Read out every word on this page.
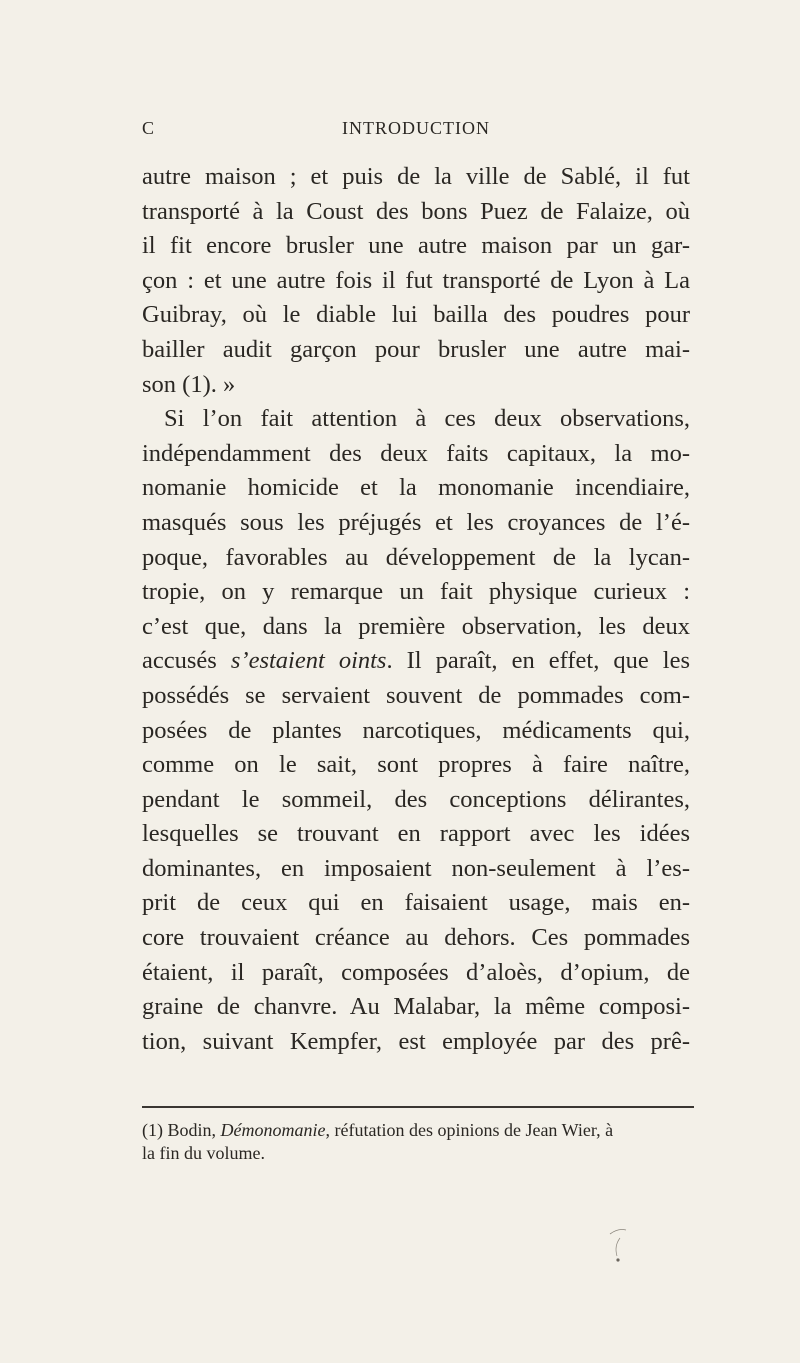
C	INTRODUCTION
autre maison ; et puis de la ville de Sablé, il fut
transporté à la Coust des bons Puez de Falaize, où
il fit encore brusler une autre maison par un gar-
çon : et une autre fois il fut transporté de Lyon à La
Guibray, où le diable lui bailla des poudres pour
bailler audit garçon pour brusler une autre mai-
son (1). »
Si l’on fait attention à ces deux observations,
indépendamment des deux faits capitaux, la mo-
nomanie homicide et la monomanie incendiaire,
masqués sous les préjugés et les croyances de l’é-
poque, favorables au développement de la lycan-
tropie, on y remarque un fait physique curieux :
c’est que, dans la première observation, les deux
accusés s’estaient oints. Il paraît, en effet, que les
possédés se servaient souvent de pommades com-
posées de plantes narcotiques, médicaments qui,
comme on le sait, sont propres à faire naître,
pendant le sommeil, des conceptions délirantes,
lesquelles se trouvant en rapport avec les idées
dominantes, en imposaient non-seulement à l’es-
prit de ceux qui en faisaient usage, mais en-
core trouvaient créance au dehors. Ces pommades
étaient, il paraît, composées d’aloès, d’opium, de
graine de chanvre. Au Malabar, la même composi-
tion, suivant Kempfer, est employée par des prê-
(1) Bodin, Démonomanie, réfutation des opinions de Jean Wier, à
la fin du volume.
